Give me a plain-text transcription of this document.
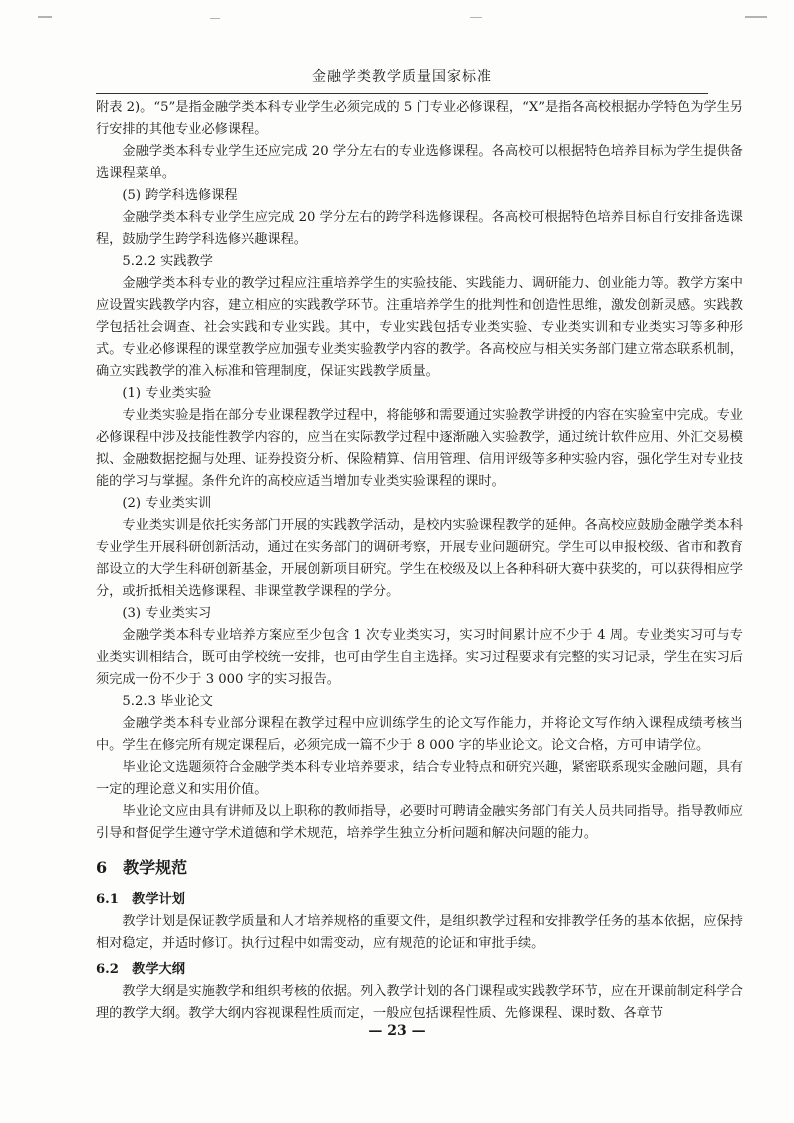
金融学类教学质量国家标准

附表 2)。“5”是指金融学类本科专业学生必须完成的 5 门专业必修课程，“X”是指各高校根据办学特色为学生另行安排的其他专业必修课程。

金融学类本科专业学生还应完成 20 学分左右的专业选修课程。各高校可以根据特色培养目标为学生提供备选课程菜单。

(5) 跨学科选修课程

金融学类本科专业学生应完成 20 学分左右的跨学科选修课程。各高校可根据特色培养目标自行安排备选课程，鼓励学生跨学科选修兴趣课程。

5.2.2 实践教学

金融学类本科专业的教学过程应注重培养学生的实验技能、实践能力、调研能力、创业能力等。教学方案中应设置实践教学内容，建立相应的实践教学环节。注重培养学生的批判性和创造性思维，激发创新灵感。实践教学包括社会调查、社会实践和专业实践。其中，专业实践包括专业类实验、专业类实训和专业类实习等多种形式。专业必修课程的课堂教学应加强专业类实验教学内容的教学。各高校应与相关实务部门建立常态联系机制，确立实践教学的准入标准和管理制度，保证实践教学质量。

(1) 专业类实验

专业类实验是指在部分专业课程教学过程中，将能够和需要通过实验教学讲授的内容在实验室中完成。专业必修课程中涉及技能性教学内容的，应当在实际教学过程中逐渐融入实验教学，通过统计软件应用、外汇交易模拟、金融数据挖掘与处理、证券投资分析、保险精算、信用管理、信用评级等多种实验内容，强化学生对专业技能的学习与掌握。条件允许的高校应适当增加专业类实验课程的课时。

(2) 专业类实训

专业类实训是依托实务部门开展的实践教学活动，是校内实验课程教学的延伸。各高校应鼓励金融学类本科专业学生开展科研创新活动，通过在实务部门的调研考察，开展专业问题研究。学生可以申报校级、省市和教育部设立的大学生科研创新基金，开展创新项目研究。学生在校级及以上各种科研大赛中获奖的，可以获得相应学分，或折抵相关选修课程、非课堂教学课程的学分。

(3) 专业类实习

金融学类本科专业培养方案应至少包含 1 次专业类实习，实习时间累计应不少于 4 周。专业类实习可与专业类实训相结合，既可由学校统一安排，也可由学生自主选择。实习过程要求有完整的实习记录，学生在实习后须完成一份不少于 3 000 字的实习报告。

5.2.3 毕业论文

金融学类本科专业部分课程在教学过程中应训练学生的论文写作能力，并将论文写作纳入课程成绩考核当中。学生在修完所有规定课程后，必须完成一篇不少于 8 000 字的毕业论文。论文合格，方可申请学位。

毕业论文选题须符合金融学类本科专业培养要求，结合专业特点和研究兴趣，紧密联系现实金融问题，具有一定的理论意义和实用价值。

毕业论文应由具有讲师及以上职称的教师指导，必要时可聘请金融实务部门有关人员共同指导。指导教师应引导和督促学生遵守学术道德和学术规范，培养学生独立分析问题和解决问题的能力。

6 教学规范

6.1 教学计划

教学计划是保证教学质量和人才培养规格的重要文件，是组织教学过程和安排教学任务的基本依据，应保持相对稳定，并适时修订。执行过程中如需变动，应有规范的论证和审批手续。

6.2 教学大纲

教学大纲是实施教学和组织考核的依据。列入教学计划的各门课程或实践教学环节，应在开课前制定科学合理的教学大纲。教学大纲内容视课程性质而定，一般应包括课程性质、先修课程、课时数、各章节

— 23 —
